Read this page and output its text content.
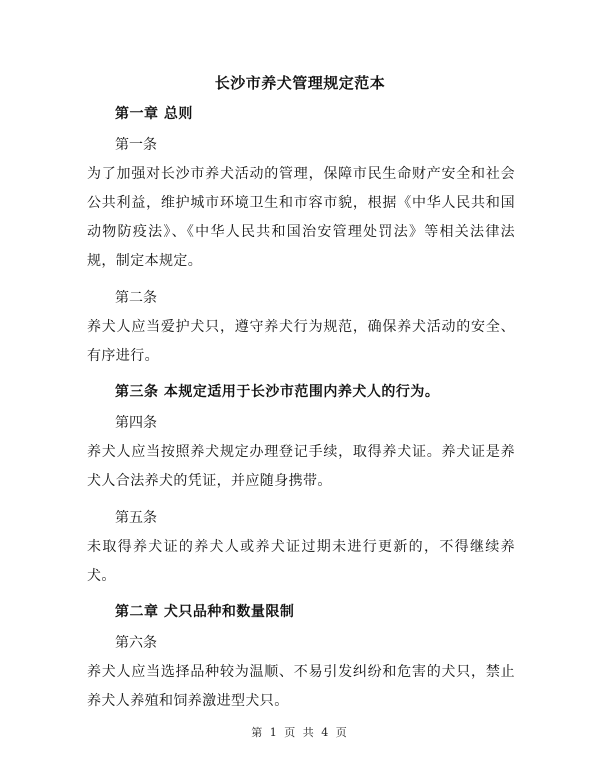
长沙市养犬管理规定范本
第一章 总则
第一条

为了加强对长沙市养犬活动的管理，保障市民生命财产安全和社会公共利益，维护城市环境卫生和市容市貌，根据《中华人民共和国动物防疫法》、《中华人民共和国治安管理处罚法》等相关法律法规，制定本规定。

第二条

养犬人应当爱护犬只，遵守养犬行为规范，确保养犬活动的安全、有序进行。

第三条 本规定适用于长沙市范围内养犬人的行为。
第四条

养犬人应当按照养犬规定办理登记手续，取得养犬证。养犬证是养犬人合法养犬的凭证，并应随身携带。

第五条

未取得养犬证的养犬人或养犬证过期未进行更新的，不得继续养犬。

第二章 犬只品种和数量限制
第六条

养犬人应当选择品种较为温顺、不易引发纠纷和危害的犬只，禁止养犬人养殖和饲养激进型犬只。

第 1 页 共 4 页
